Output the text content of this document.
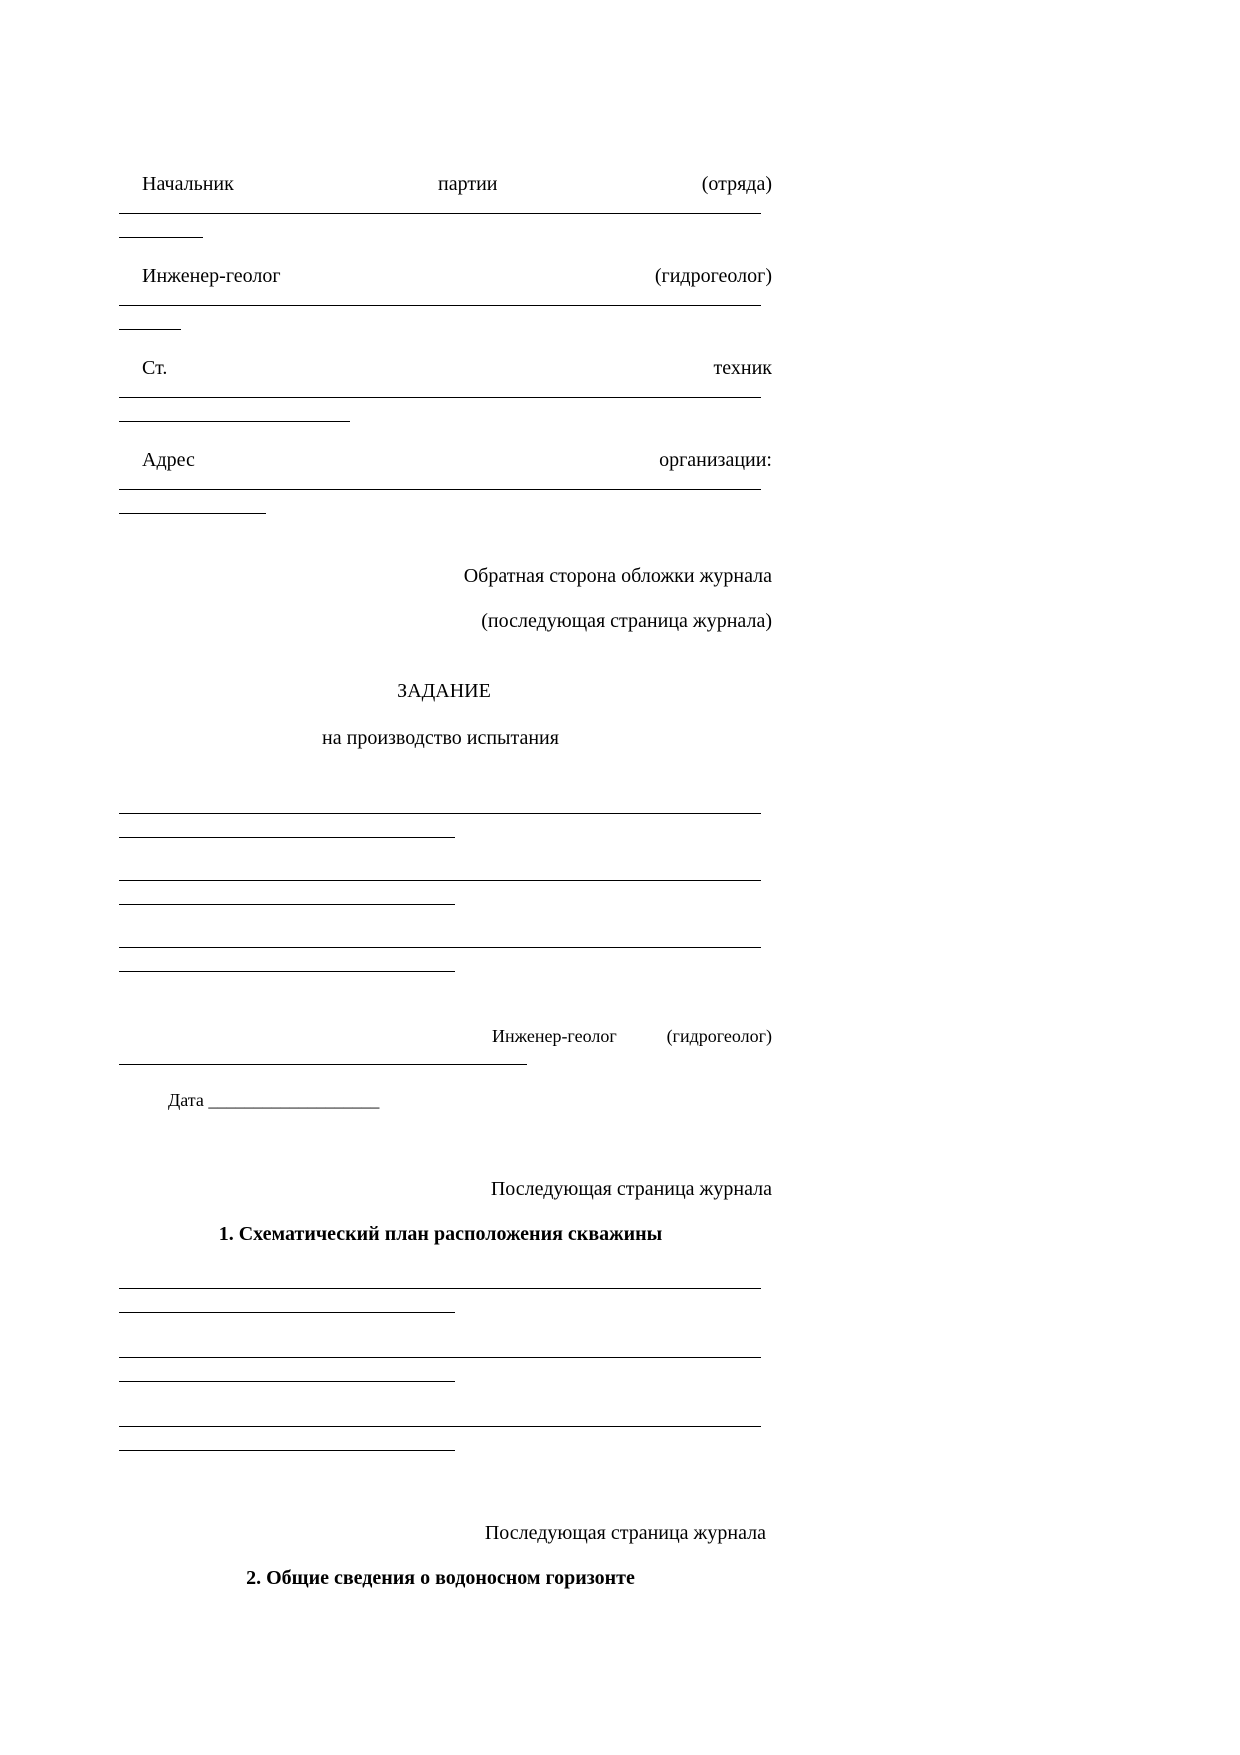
Начальник	партии	(отряда)
Инженер-геолог	(гидрогеолог)
Ст.	техник
Адрес	организации:
Обратная сторона обложки журнала
(последующая страница журнала)
ЗАДАНИЕ
на производство испытания
Инженер-геолог	(гидрогеолог)
Дата ___________________
Последующая страница журнала
1. Схематический план расположения скважины
Последующая страница журнала
2. Общие сведения о водоносном горизонте
